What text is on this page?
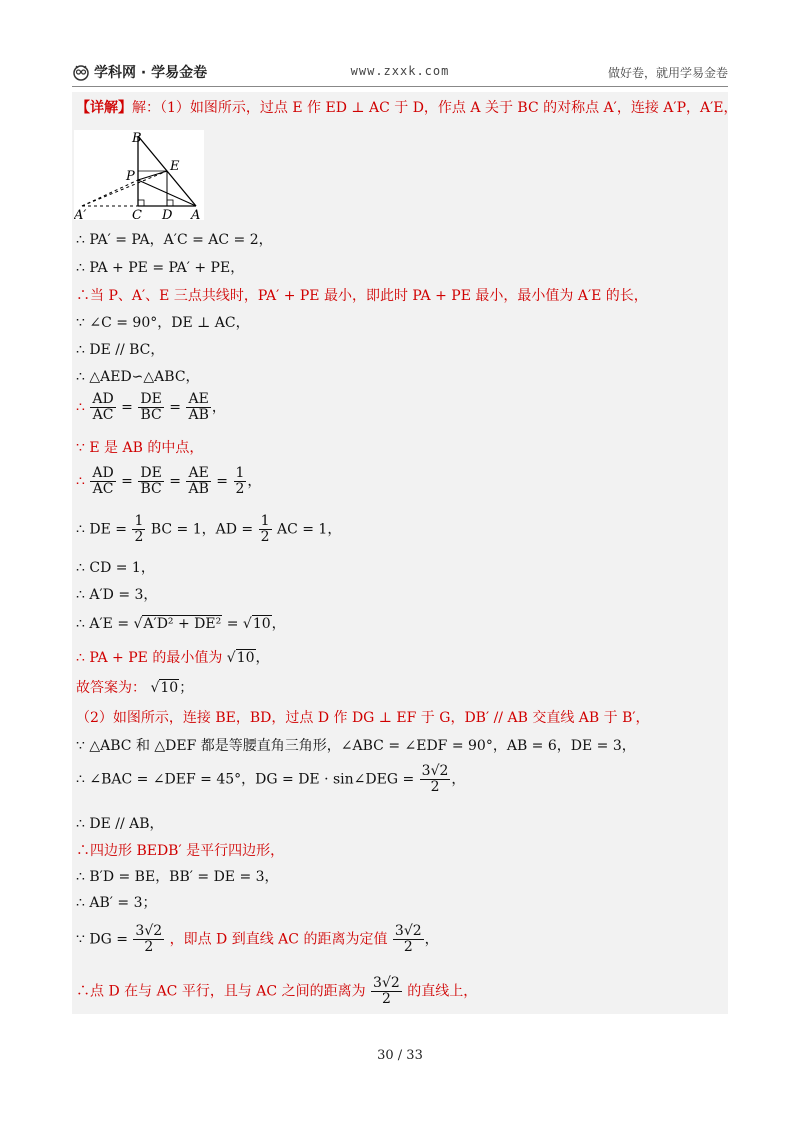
学科网 · 学易金卷	www.zxxk.com	做好卷，就用学易金卷
【详解】解：（1）如图所示，过点 E 作 ED ⊥ AC 于 D，作点 A 关于 BC 的对称点 A′，连接 A′P，A′E，
B
E
P
A′	C D A
∴ PA′ = PA，A′C = AC = 2，
∴ PA + PE = PA′ + PE，
∴当 P、A′、E 三点共线时，PA′ + PE 最小，即此时 PA + PE 最小，最小值为 A′E 的长，
∵ ∠C = 90°，DE ⊥ AC，
∴ DE // BC，
∴ △AED∽△ABC，
∴ $\frac{AD}{AC} = \frac{DE}{BC} = \frac{AE}{AB}$ ，
∵ E 是 AB 的中点，
∴ $\frac{AD}{AC} = \frac{DE}{BC} = \frac{AE}{AB} = \frac{1}{2}$ ，
∴ DE = $\frac{1}{2}$ BC = 1，AD = $\frac{1}{2}$ AC = 1，
∴ CD = 1，
∴ A′D = 3，
∴ A′E = √A′D² + DE² = √10，
∴ PA + PE 的最小值为 √10，
故答案为： √10；
（2）如图所示，连接 BE，BD，过点 D 作 DG ⊥ EF 于 G，DB′ // AB 交直线 AB 于 B′，
∵ △ABC 和 △DEF 都是等腰直角三角形，∠ABC = ∠EDF = 90°，AB = 6，DE = 3，
∴ ∠BAC = ∠DEF = 45°，DG = DE · sin∠DEG = $\frac{3√2}{2}$ ，
∴ DE // AB，
∴四边形 BEDB′ 是平行四边形，
∴ B′D = BE，BB′ = DE = 3，
∴ AB′ = 3；
∵ DG = $\frac{3√2}{2}$ ，即点 D 到直线 AC 的距离为定值 $\frac{3√2}{2}$ ，
∴点 D 在与 AC 平行，且与 AC 之间的距离为 $\frac{3√2}{2}$ 的直线上，
30 / 33
